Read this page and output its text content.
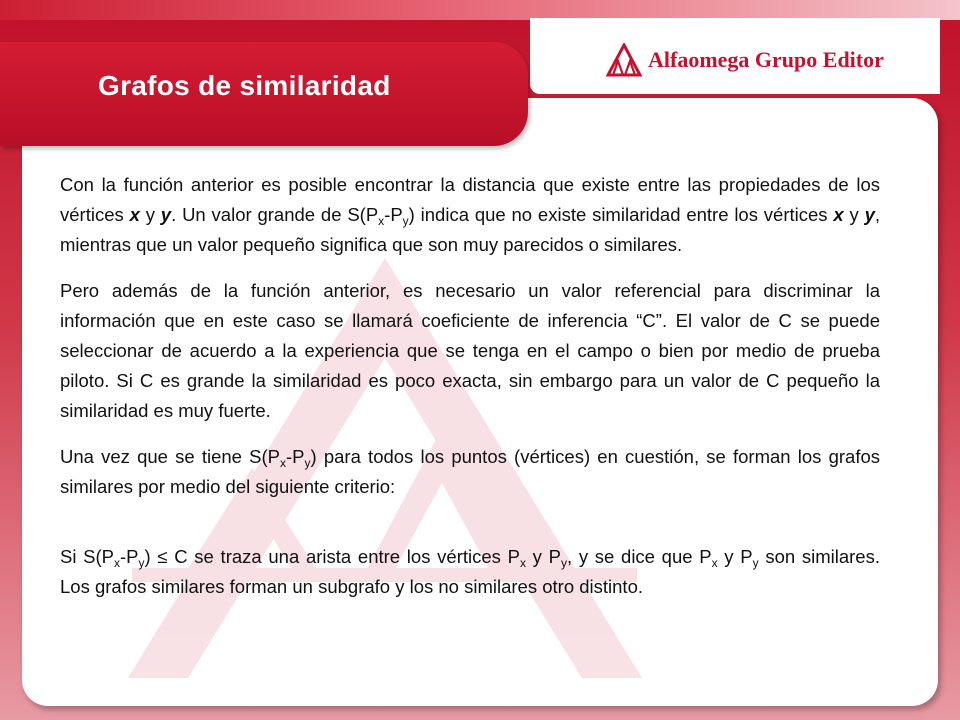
Alfaomega Grupo Editor
Grafos de similaridad

Con la función anterior es posible encontrar la distancia que existe entre las propiedades de los vértices x y y. Un valor grande de $S(P_x-P_y)$ indica que no existe similaridad entre los vértices x y y, mientras que un valor pequeño significa que son muy parecidos o similares.

Pero además de la función anterior, es necesario un valor referencial para discriminar la información que en este caso se llamará coeficiente de inferencia “C”. El valor de C se puede seleccionar de acuerdo a la experiencia que se tenga en el campo o bien por medio de prueba piloto. Si C es grande la similaridad es poco exacta, sin embargo para un valor de C pequeño la similaridad es muy fuerte.

Una vez que se tiene $S(P_x-P_y)$ para todos los puntos (vértices) en cuestión, se forman los grafos similares por medio del siguiente criterio:

Si $S(P_x-P_y) \le C$ se traza una arista entre los vértices $P_x$ y $P_y$, y se dice que $P_x$ y $P_y$ son similares. Los grafos similares forman un subgrafo y los no similares otro distinto.
